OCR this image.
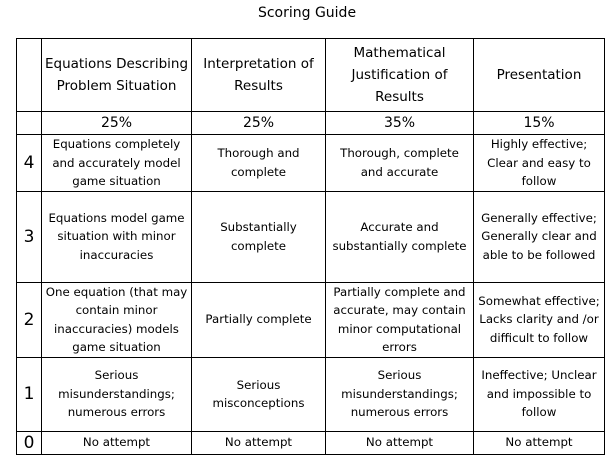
Scoring Guide
	Equations Describing Problem Situation	Interpretation of Results	Mathematical Justification of Results	Presentation
	25%	25%	35%	15%
4	Equations completely and accurately model game situation	Thorough and complete	Thorough, complete and accurate	Highly effective; Clear and easy to follow
3	Equations model game situation with minor inaccuracies	Substantially complete	Accurate and substantially complete	Generally effective; Generally clear and able to be followed
2	One equation (that may contain minor inaccuracies) models game situation	Partially complete	Partially complete and accurate, may contain minor computational errors	Somewhat effective; Lacks clarity and /or difficult to follow
1	Serious misunderstandings; numerous errors	Serious misconceptions	Serious misunderstandings; numerous errors	Ineffective; Unclear and impossible to follow
0	No attempt	No attempt	No attempt	No attempt
